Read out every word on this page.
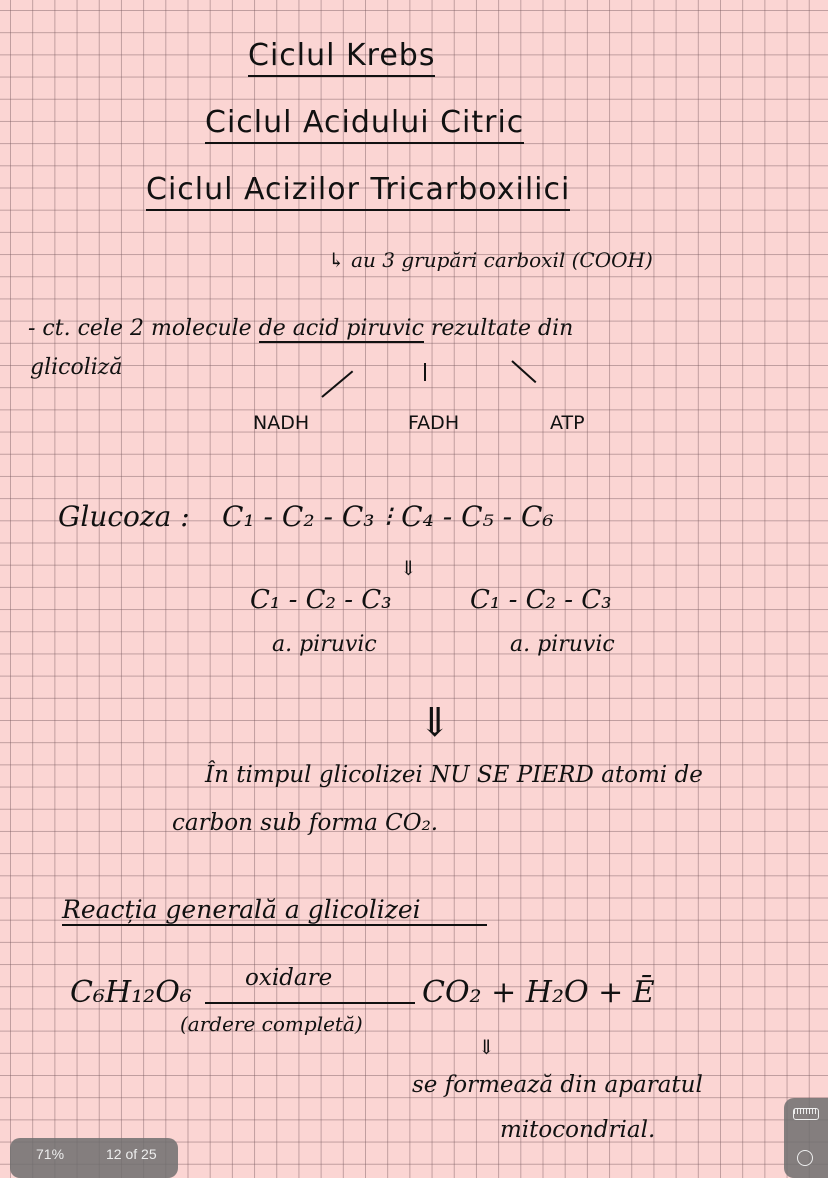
Ciclul Krebs
Ciclul Acidului Citric
Ciclul Acizilor Tricarboxilici
↳ au 3 grupări carboxil (COOH)
- ct. cele 2 molecule de acid piruvic rezultate din
glicoliză
NADH	FADH	ATP
Glucoza : C₁ - C₂ - C₃ ⁝ C₄ - C₅ - C₆
⇓
C₁ - C₂ - C₃
a. piruvic
C₁ - C₂ - C₃
a. piruvic
⇓
În timpul glicolizei NU SE PIERD atomi de
carbon sub forma CO₂.
Reacția generală a glicolizei
C₆H₁₂O₆ oxidare
(ardere completă)
CO₂ + H₂O + Ē
⇓
se formează din aparatul
mitocondrial.
71%	12 of 25
